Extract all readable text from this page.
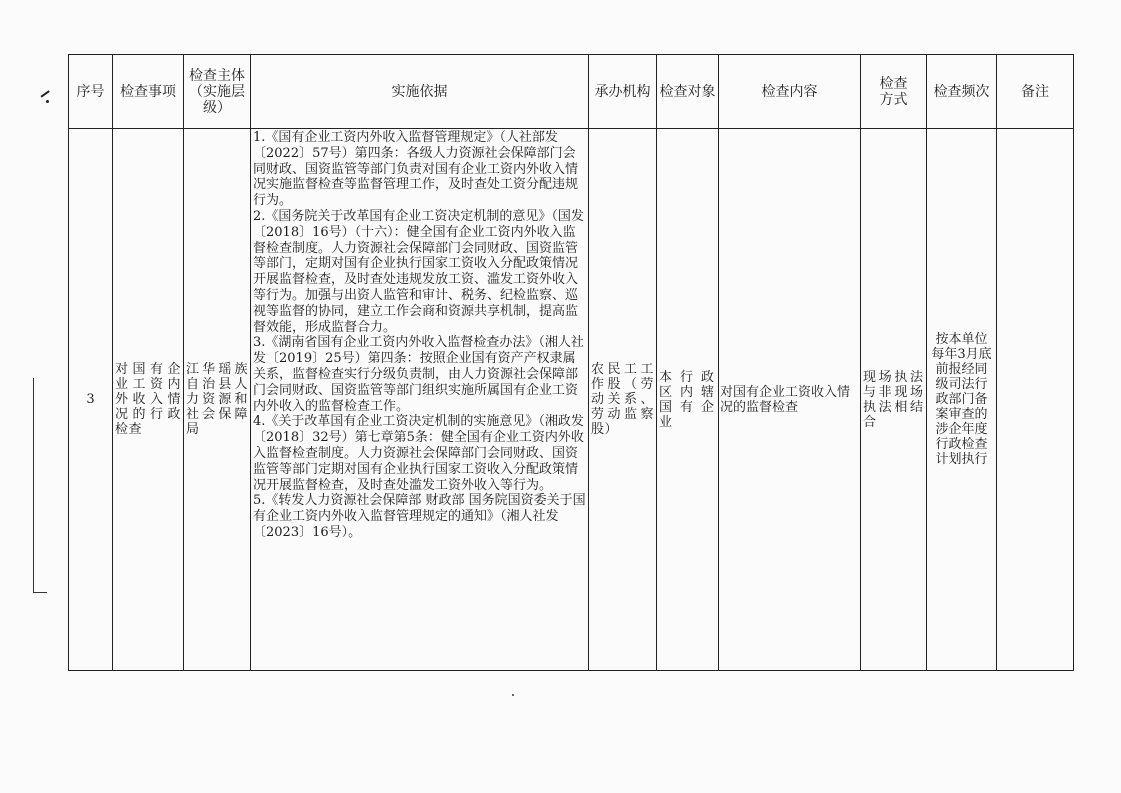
序号	检查事项	检查主体（实施层级）	实施依据	承办机构	检查对象	检查内容	检查方式	检查频次	备注
3	对国有企业工资内外收入情况的行政检查	江华瑶族自治县人力资源和社会保障局	1.《国有企业工资内外收入监督管理规定》（人社部发〔2022〕57号）第四条：各级人力资源社会保障部门会同财政、国资监管等部门负责对国有企业工资内外收入情况实施监督检查等监督管理工作，及时查处工资分配违规行为。

2.《国务院关于改革国有企业工资决定机制的意见》（国发〔2018〕16号）（十六）：健全国有企业工资内外收入监督检查制度。人力资源社会保障部门会同财政、国资监管等部门，定期对国有企业执行国家工资收入分配政策情况开展监督检查，及时查处违规发放工资、滥发工资外收入等行为。加强与出资人监管和审计、税务、纪检监察、巡视等监督的协同，建立工作会商和资源共享机制，提高监督效能，形成监督合力。

3.《湖南省国有企业工资内外收入监督检查办法》（湘人社发〔2019〕25号）第四条：按照企业国有资产产权隶属关系，监督检查实行分级负责制，由人力资源社会保障部门会同财政、国资监管等部门组织实施所属国有企业工资内外收入的监督检查工作。

4.《关于改革国有企业工资决定机制的实施意见》（湘政发〔2018〕32号）第七章第5条：健全国有企业工资内外收入监督检查制度。人力资源社会保障部门会同财政、国资监管等部门定期对国有企业执行国家工资收入分配政策情况开展监督检查，及时查处滥发工资外收入等行为。

5.《转发人力资源社会保障部 财政部 国务院国资委关于国有企业工资内外收入监督管理规定的通知》（湘人社发〔2023〕16号）。	农民工工作股（劳动关系、劳动监察股）	本行政区内辖国有企业	对国有企业工资收入情况的监督检查	现场执法与非现场执法相结合	按本单位每年3月底前报经同级司法行政部门备案审查的涉企年度行政检查计划执行	
